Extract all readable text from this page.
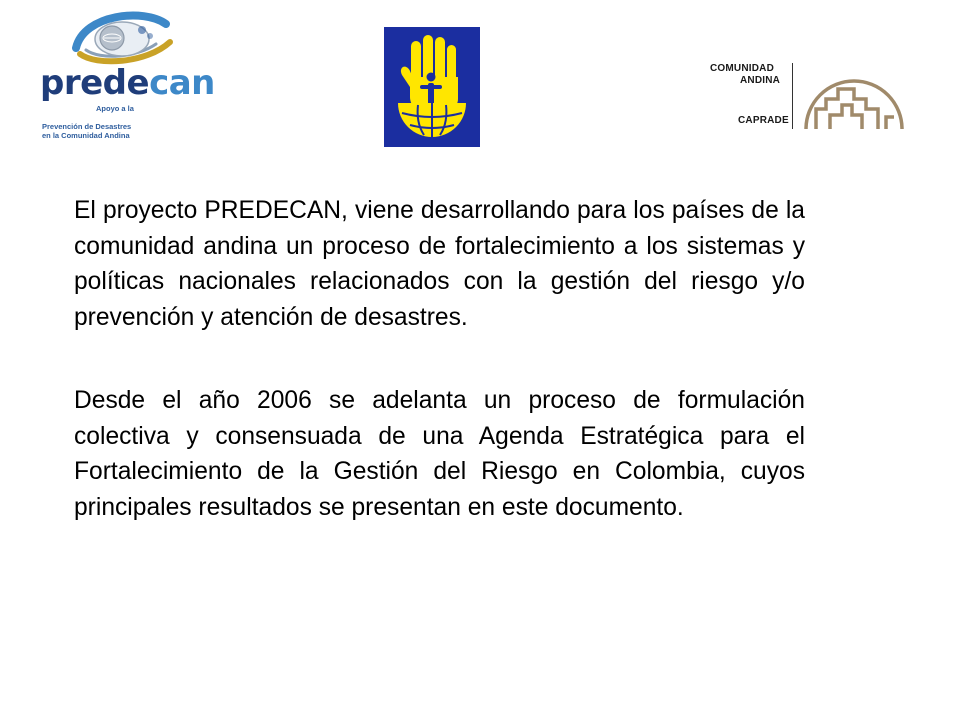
predecan
Apoyo a la
Prevención de Desastres
en la Comunidad Andina
COMUNIDAD
ANDINA
CAPRADE

El proyecto PREDECAN, viene desarrollando para los países de la comunidad andina un proceso de fortalecimiento a los sistemas y políticas nacionales relacionados con la gestión del riesgo y/o prevención y atención de desastres.

Desde el año 2006 se adelanta un proceso de formulación colectiva y consensuada de una Agenda Estratégica para el Fortalecimiento de la Gestión del Riesgo en Colombia, cuyos principales resultados se presentan en este documento.
